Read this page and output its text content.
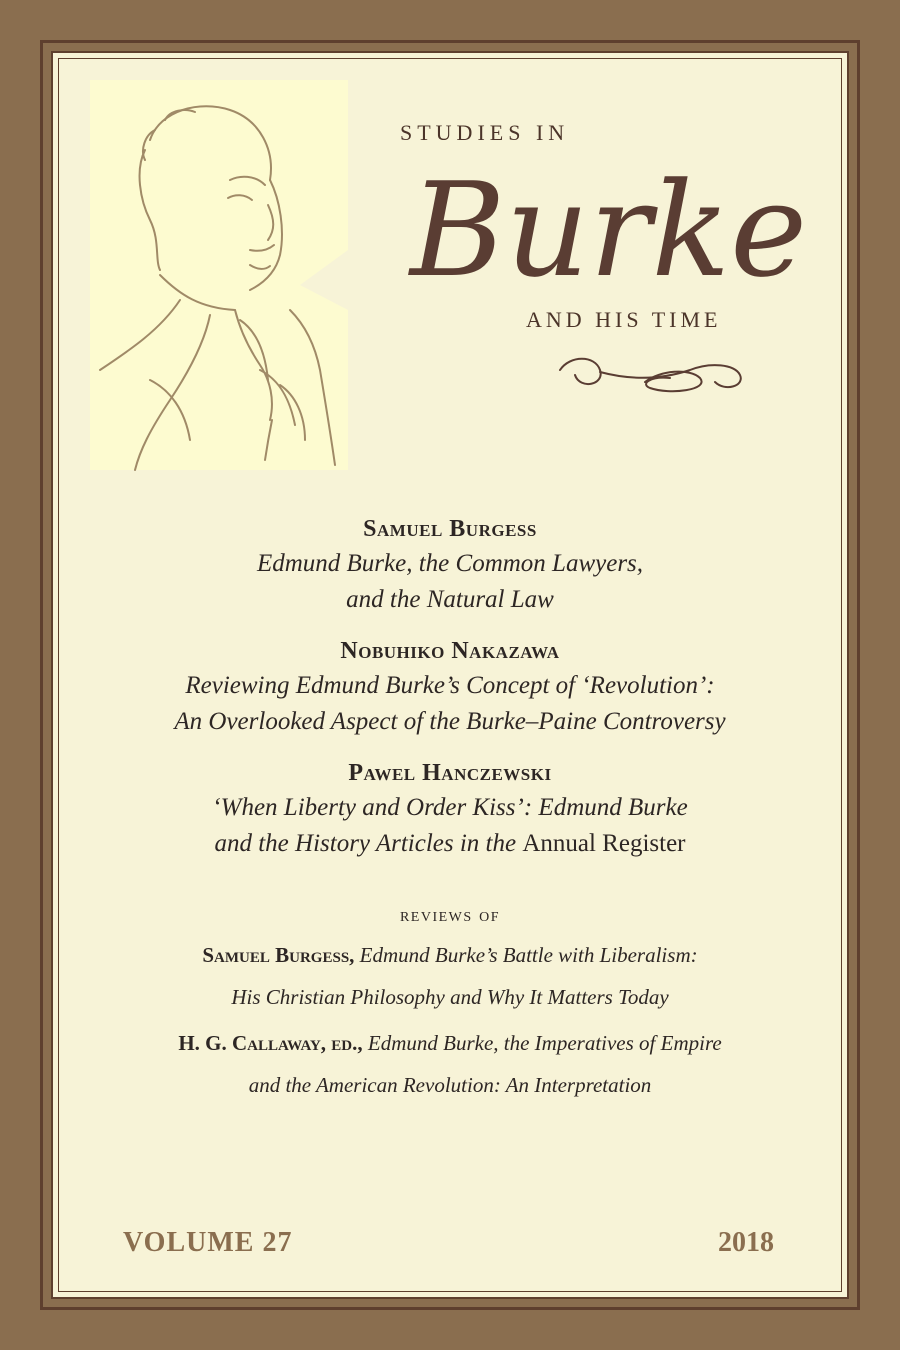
STUDIES IN
Burke
AND HIS TIME
Samuel Burgess
Edmund Burke, the Common Lawyers,
and the Natural Law
Nobuhiko Nakazawa
Reviewing Edmund Burke’s Concept of ‘Revolution’:
An Overlooked Aspect of the Burke–Paine Controversy
Pawel Hanczewski
‘When Liberty and Order Kiss’: Edmund Burke
and the History Articles in the Annual Register
reviews of
Samuel Burgess, Edmund Burke’s Battle with Liberalism:
His Christian Philosophy and Why It Matters Today
H. G. Callaway, ed., Edmund Burke, the Imperatives of Empire
and the American Revolution: An Interpretation
VOLUME 27	2018
